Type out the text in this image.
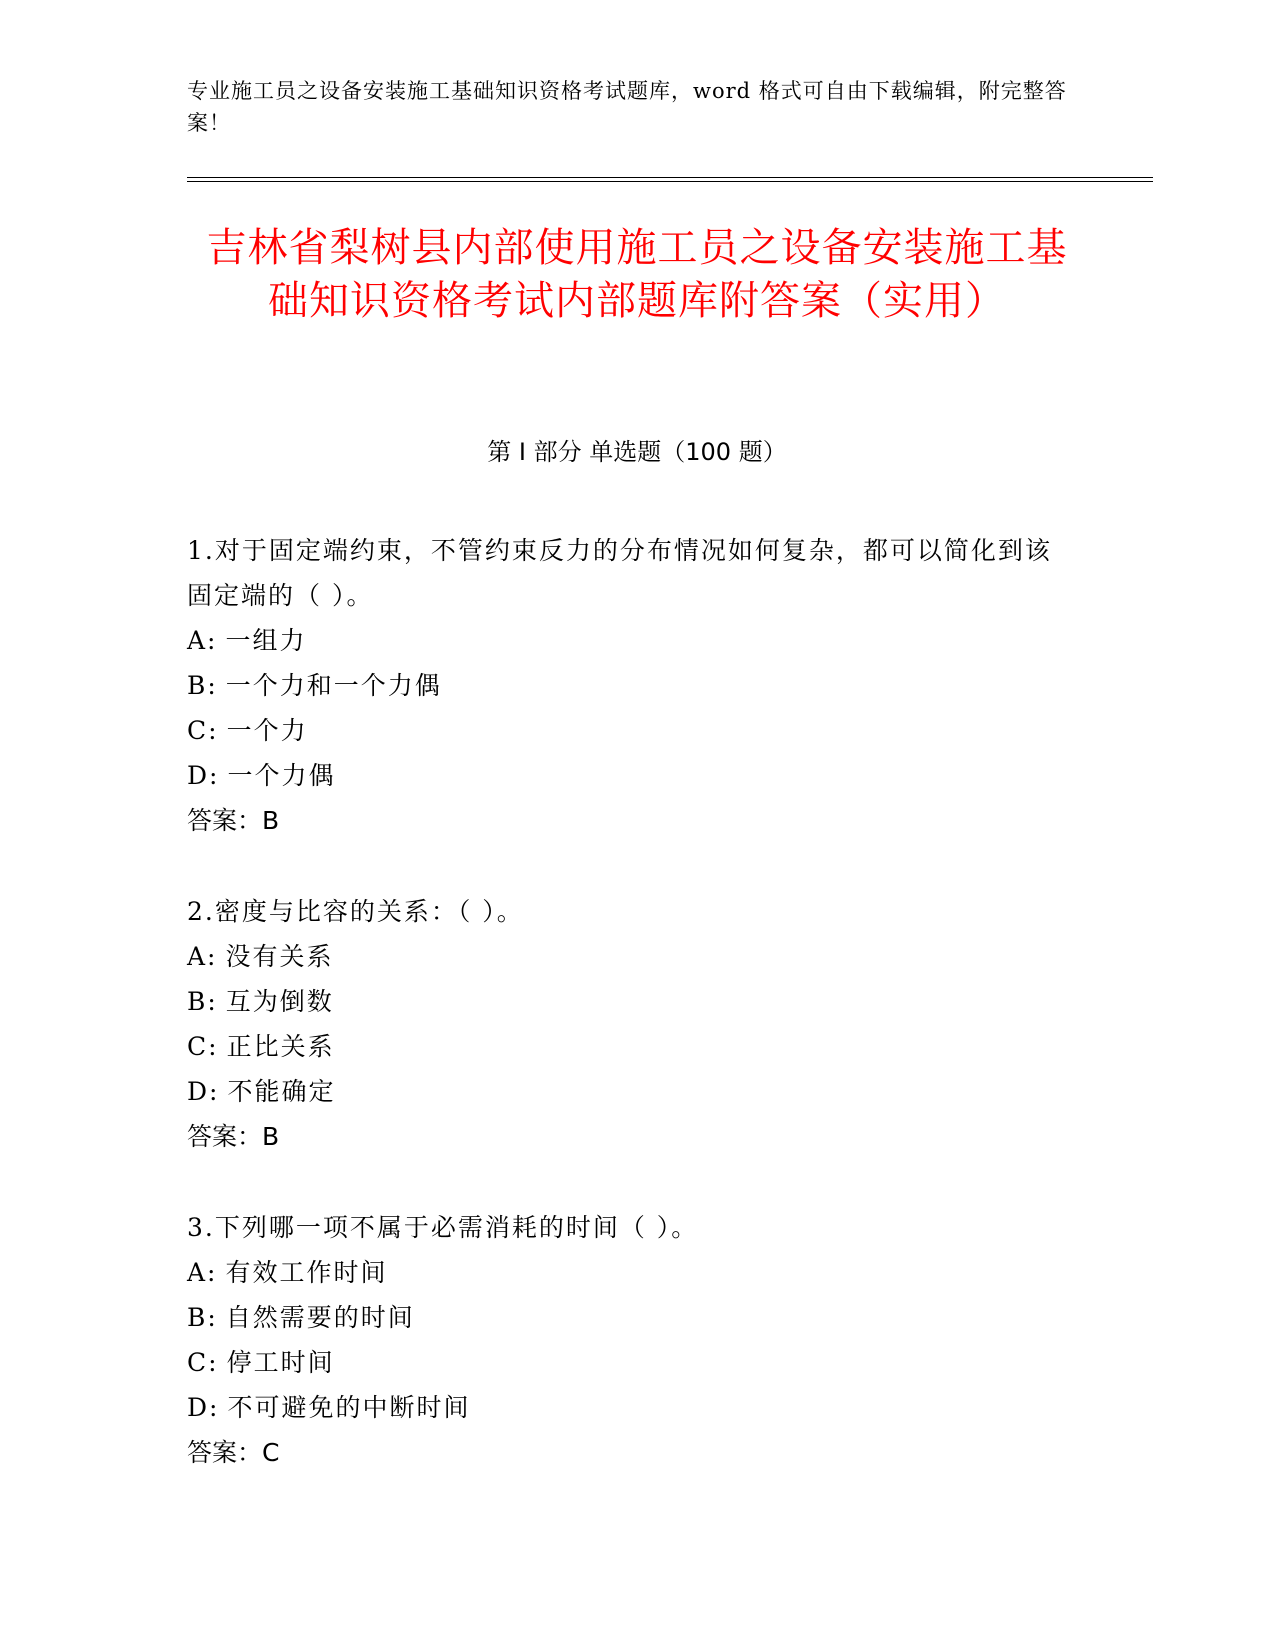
专业施工员之设备安装施工基础知识资格考试题库，word 格式可自由下载编辑，附完整答案！
吉林省梨树县内部使用施工员之设备安装施工基础知识资格考试内部题库附答案（实用）
第 I 部分 单选题（100 题）
1.对于固定端约束，不管约束反力的分布情况如何复杂，都可以简化到该固定端的（ ）。
A: 一组力
B: 一个力和一个力偶
C: 一个力
D: 一个力偶
答案：B
2.密度与比容的关系：（ ）。
A: 没有关系
B: 互为倒数
C: 正比关系
D: 不能确定
答案：B
3.下列哪一项不属于必需消耗的时间（ ）。
A: 有效工作时间
B: 自然需要的时间
C: 停工时间
D: 不可避免的中断时间
答案：C
